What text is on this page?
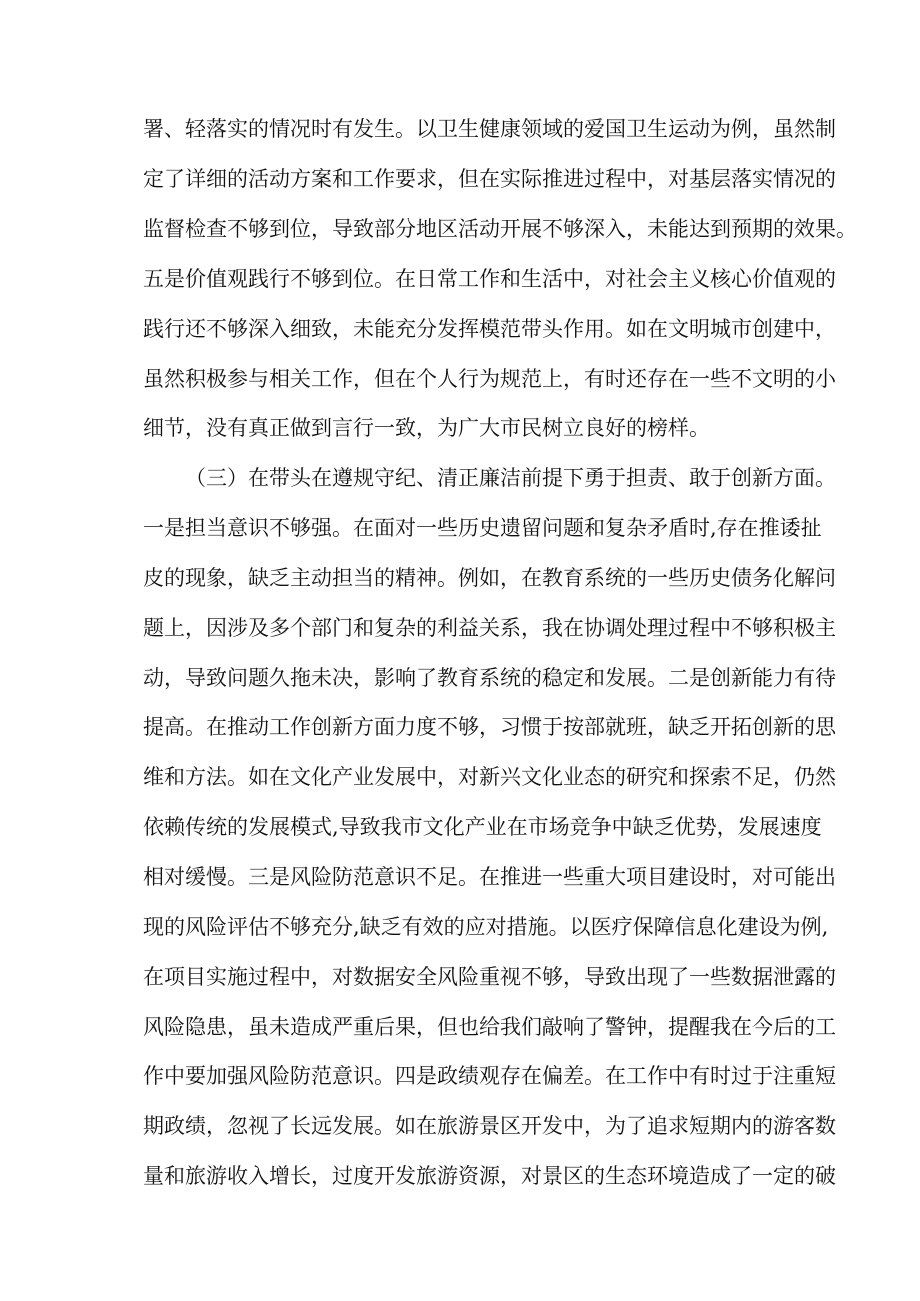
署、轻落实的情况时有发生。以卫生健康领域的爱国卫生运动为例，虽然制
定了详细的活动方案和工作要求，但在实际推进过程中，对基层落实情况的
监督检查不够到位，导致部分地区活动开展不够深入，未能达到预期的效果。
五是价值观践行不够到位。在日常工作和生活中，对社会主义核心价值观的
践行还不够深入细致，未能充分发挥模范带头作用。如在文明城市创建中，
虽然积极参与相关工作，但在个人行为规范上，有时还存在一些不文明的小
细节，没有真正做到言行一致，为广大市民树立良好的榜样。
（三）在带头在遵规守纪、清正廉洁前提下勇于担责、敢于创新方面。
一是担当意识不够强。在面对一些历史遗留问题和复杂矛盾时,存在推诿扯
皮的现象，缺乏主动担当的精神。例如，在教育系统的一些历史债务化解问
题上，因涉及多个部门和复杂的利益关系，我在协调处理过程中不够积极主
动，导致问题久拖未决，影响了教育系统的稳定和发展。二是创新能力有待
提高。在推动工作创新方面力度不够，习惯于按部就班，缺乏开拓创新的思
维和方法。如在文化产业发展中，对新兴文化业态的研究和探索不足，仍然
依赖传统的发展模式,导致我市文化产业在市场竞争中缺乏优势，发展速度
相对缓慢。三是风险防范意识不足。在推进一些重大项目建设时，对可能出
现的风险评估不够充分,缺乏有效的应对措施。以医疗保障信息化建设为例,
在项目实施过程中，对数据安全风险重视不够，导致出现了一些数据泄露的
风险隐患，虽未造成严重后果，但也给我们敲响了警钟，提醒我在今后的工
作中要加强风险防范意识。四是政绩观存在偏差。在工作中有时过于注重短
期政绩，忽视了长远发展。如在旅游景区开发中，为了追求短期内的游客数
量和旅游收入增长，过度开发旅游资源，对景区的生态环境造成了一定的破
